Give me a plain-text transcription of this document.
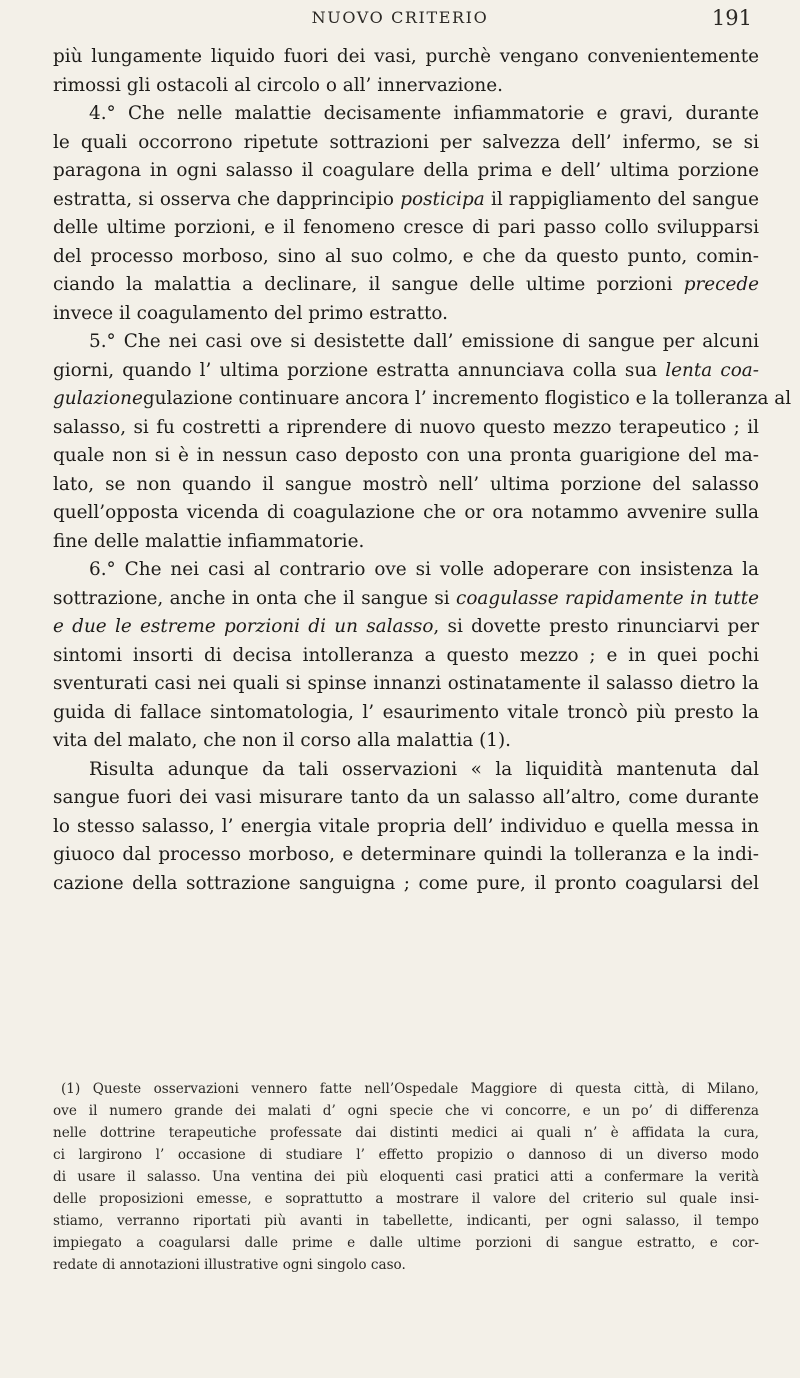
NUOVO CRITERIO	191
più lungamente liquido fuori dei vasi, purchè vengano convenientemente
rimossi gli ostacoli al circolo o all’ innervazione.
4.° Che nelle malattie decisamente infiammatorie e gravi, durante
le quali occorrono ripetute sottrazioni per salvezza dell’ infermo, se si
paragona in ogni salasso il coagulare della prima e dell’ ultima porzione
estratta, si osserva che dapprincipio posticipa il rappigliamento del sangue
delle ultime porzioni, e il fenomeno cresce di pari passo collo svilupparsi
del processo morboso, sino al suo colmo, e che da questo punto, comin-
ciando la malattia a declinare, il sangue delle ultime porzioni precede
invece il coagulamento del primo estratto.
5.° Che nei casi ove si desistette dall’ emissione di sangue per alcuni
giorni, quando l’ ultima porzione estratta annunciava colla sua lenta coa-
gulazionegulazione continuare ancora l’ incremento flogistico e la tolleranza al
salasso, si fu costretti a riprendere di nuovo questo mezzo terapeutico ; il
quale non si è in nessun caso deposto con una pronta guarigione del ma-
lato, se non quando il sangue mostrò nell’ ultima porzione del salasso
quell’opposta vicenda di coagulazione che or ora notammo avvenire sulla
fine delle malattie infiammatorie.
6.° Che nei casi al contrario ove si volle adoperare con insistenza la
sottrazione, anche in onta che il sangue si coagulasse rapidamente in tutte
e due le estreme porzioni di un salasso, si dovette presto rinunciarvi per
sintomi insorti di decisa intolleranza a questo mezzo ; e in quei pochi
sventurati casi nei quali si spinse innanzi ostinatamente il salasso dietro la
guida di fallace sintomatologia, l’ esaurimento vitale troncò più presto la
vita del malato, che non il corso alla malattia (1).
Risulta adunque da tali osservazioni « la liquidità mantenuta dal
sangue fuori dei vasi misurare tanto da un salasso all’altro, come durante
lo stesso salasso, l’ energia vitale propria dell’ individuo e quella messa in
giuoco dal processo morboso, e determinare quindi la tolleranza e la indi-
cazione della sottrazione sanguigna ; come pure, il pronto coagularsi del
(1) Queste osservazioni vennero fatte nell’Ospedale Maggiore di questa città, di Milano,
ove il numero grande dei malati d’ ogni specie che vi concorre, e un po’ di differenza
nelle dottrine terapeutiche professate dai distinti medici ai quali n’ è affidata la cura,
ci largirono l’ occasione di studiare l’ effetto propizio o dannoso di un diverso modo
di usare il salasso. Una ventina dei più eloquenti casi pratici atti a confermare la verità
delle proposizioni emesse, e soprattutto a mostrare il valore del criterio sul quale insi-
stiamo, verranno riportati più avanti in tabellette, indicanti, per ogni salasso, il tempo
impiegato a coagularsi dalle prime e dalle ultime porzioni di sangue estratto, e cor-
redate di annotazioni illustrative ogni singolo caso.
